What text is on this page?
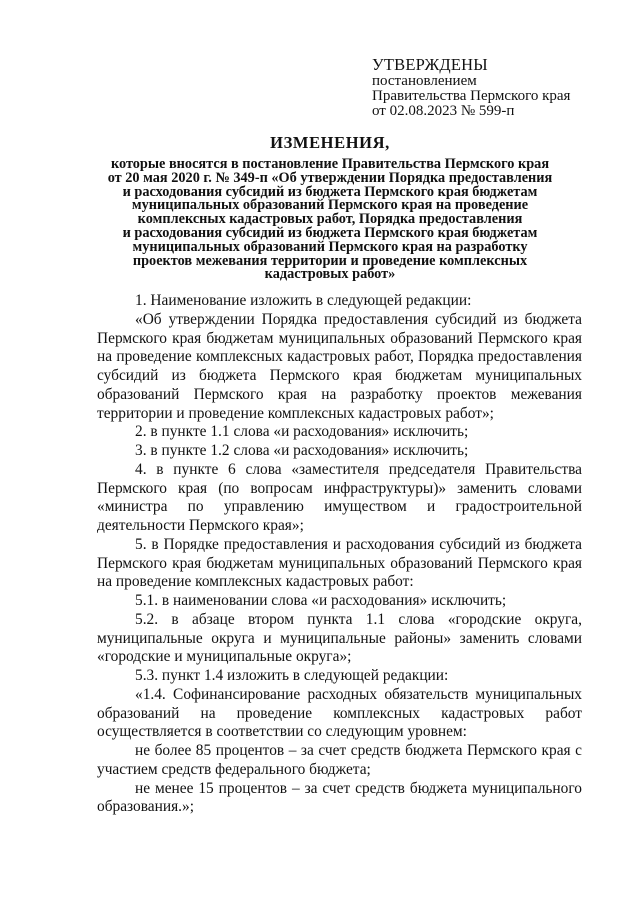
УТВЕРЖДЕНЫ
постановлением
Правительства Пермского края
от 02.08.2023 № 599-п
ИЗМЕНЕНИЯ,
которые вносятся в постановление Правительства Пермского края
от 20 мая 2020 г. № 349-п «Об утверждении Порядка предоставления
и расходования субсидий из бюджета Пермского края бюджетам
муниципальных образований Пермского края на проведение
комплексных кадастровых работ, Порядка предоставления
и расходования субсидий из бюджета Пермского края бюджетам
муниципальных образований Пермского края на разработку
проектов межевания территории и проведение комплексных
кадастровых работ»

1. Наименование изложить в следующей редакции:

«Об утверждении Порядка предоставления субсидий из бюджета Пермского края бюджетам муниципальных образований Пермского края на проведение комплексных кадастровых работ, Порядка предоставления субсидий из бюджета Пермского края бюджетам муниципальных образований Пермского края на разработку проектов межевания территории и проведение комплексных кадастровых работ»;

2. в пункте 1.1 слова «и расходования» исключить;

3. в пункте 1.2 слова «и расходования» исключить;

4. в пункте 6 слова «заместителя председателя Правительства Пермского края (по вопросам инфраструктуры)» заменить словами «министра по управлению имуществом и градостроительной деятельности Пермского края»;

5. в Порядке предоставления и расходования субсидий из бюджета Пермского края бюджетам муниципальных образований Пермского края на проведение комплексных кадастровых работ:

5.1. в наименовании слова «и расходования» исключить;

5.2. в абзаце втором пункта 1.1 слова «городские округа, муниципальные округа и муниципальные районы» заменить словами «городские и муниципальные округа»;

5.3. пункт 1.4 изложить в следующей редакции:

«1.4. Софинансирование расходных обязательств муниципальных образований на проведение комплексных кадастровых работ осуществляется в соответствии со следующим уровнем:

не более 85 процентов – за счет средств бюджета Пермского края с участием средств федерального бюджета;

не менее 15 процентов – за счет средств бюджета муниципального образования.»;
